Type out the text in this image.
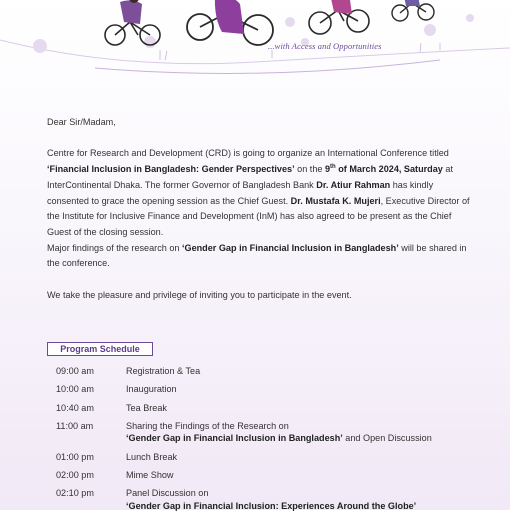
...with Access and Opportunities

Dear Sir/Madam,

Centre for Research and Development (CRD) is going to organize an International Conference titled ‘Financial Inclusion in Bangladesh: Gender Perspectives’ on the 9th of March 2024, Saturday at InterContinental Dhaka. The former Governor of Bangladesh Bank Dr. Atiur Rahman has kindly consented to grace the opening session as the Chief Guest. Dr. Mustafa K. Mujeri, Executive Director of the Institute for Inclusive Finance and Development (InM) has also agreed to be present as the Chief Guest of the closing session.

Major findings of the research on ‘Gender Gap in Financial Inclusion in Bangladesh’ will be shared in the conference.

We take the pleasure and privilege of inviting you to participate in the event.

Program Schedule
09:00 am	Registration & Tea
10:00 am	Inauguration
10:40 am	Tea Break
11:00 am	Sharing the Findings of the Research on
‘Gender Gap in Financial Inclusion in Bangladesh’ and Open Discussion
01:00 pm	Lunch Break
02:00 pm	Mime Show
02:10 pm	Panel Discussion on
‘Gender Gap in Financial Inclusion: Experiences Around the Globe’
